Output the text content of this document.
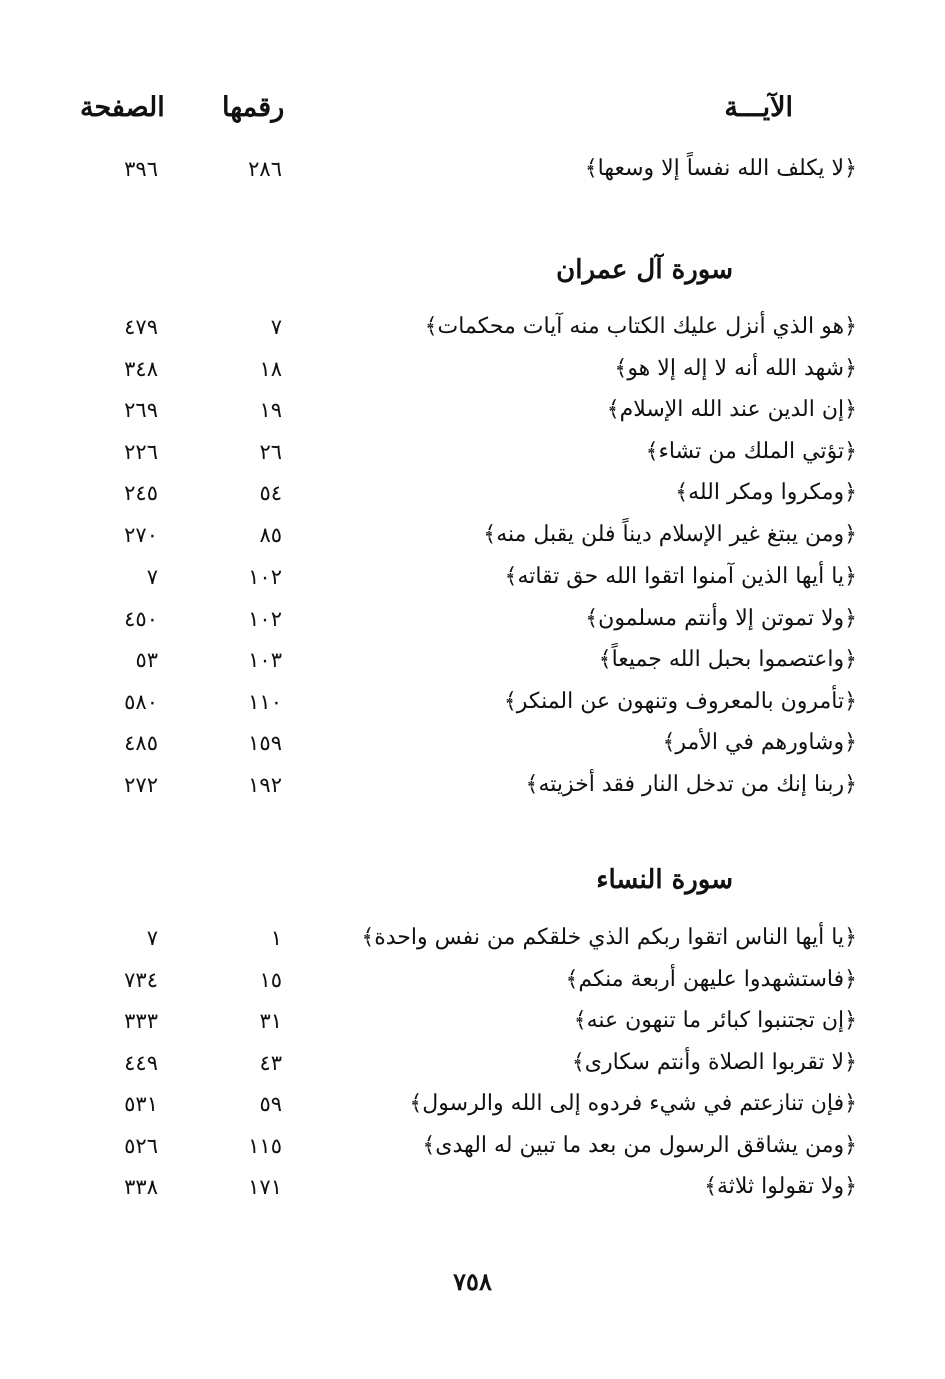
الآيـــة
رقمها
الصفحة
﴿لا يكلف الله نفساً إلا وسعها﴾
٢٨٦
٣٩٦
سورة آل عمران
﴿هو الذي أنزل عليك الكتاب منه آيات محكمات﴾
٧
٤٧٩
﴿شهد الله أنه لا إله إلا هو﴾
١٨
٣٤٨
﴿إن الدين عند الله الإسلام﴾
١٩
٢٦٩
﴿تؤتي الملك من تشاء﴾
٢٦
٢٢٦
﴿ومكروا ومكر الله﴾
٥٤
٢٤٥
﴿ومن يبتغ غير الإسلام ديناً فلن يقبل منه﴾
٨٥
٢٧٠
﴿يا أيها الذين آمنوا اتقوا الله حق تقاته﴾
١٠٢
٧
﴿ولا تموتن إلا وأنتم مسلمون﴾
١٠٢
٤٥٠
﴿واعتصموا بحبل الله جميعاً﴾
١٠٣
٥٣
﴿تأمرون بالمعروف وتنهون عن المنكر﴾
١١٠
٥٨٠
﴿وشاورهم في الأمر﴾
١٥٩
٤٨٥
﴿ربنا إنك من تدخل النار فقد أخزيته﴾
١٩٢
٢٧٢
سورة النساء
﴿يا أيها الناس اتقوا ربكم الذي خلقكم من نفس واحدة﴾
١
٧
﴿فاستشهدوا عليهن أربعة منكم﴾
١٥
٧٣٤
﴿إن تجتنبوا كبائر ما تنهون عنه﴾
٣١
٣٣٣
﴿لا تقربوا الصلاة وأنتم سكارى﴾
٤٣
٤٤٩
﴿فإن تنازعتم في شيء فردوه إلى الله والرسول﴾
٥٩
٥٣١
﴿ومن يشاقق الرسول من بعد ما تبين له الهدى﴾
١١٥
٥٢٦
﴿ولا تقولوا ثلاثة﴾
١٧١
٣٣٨
٧٥٨
